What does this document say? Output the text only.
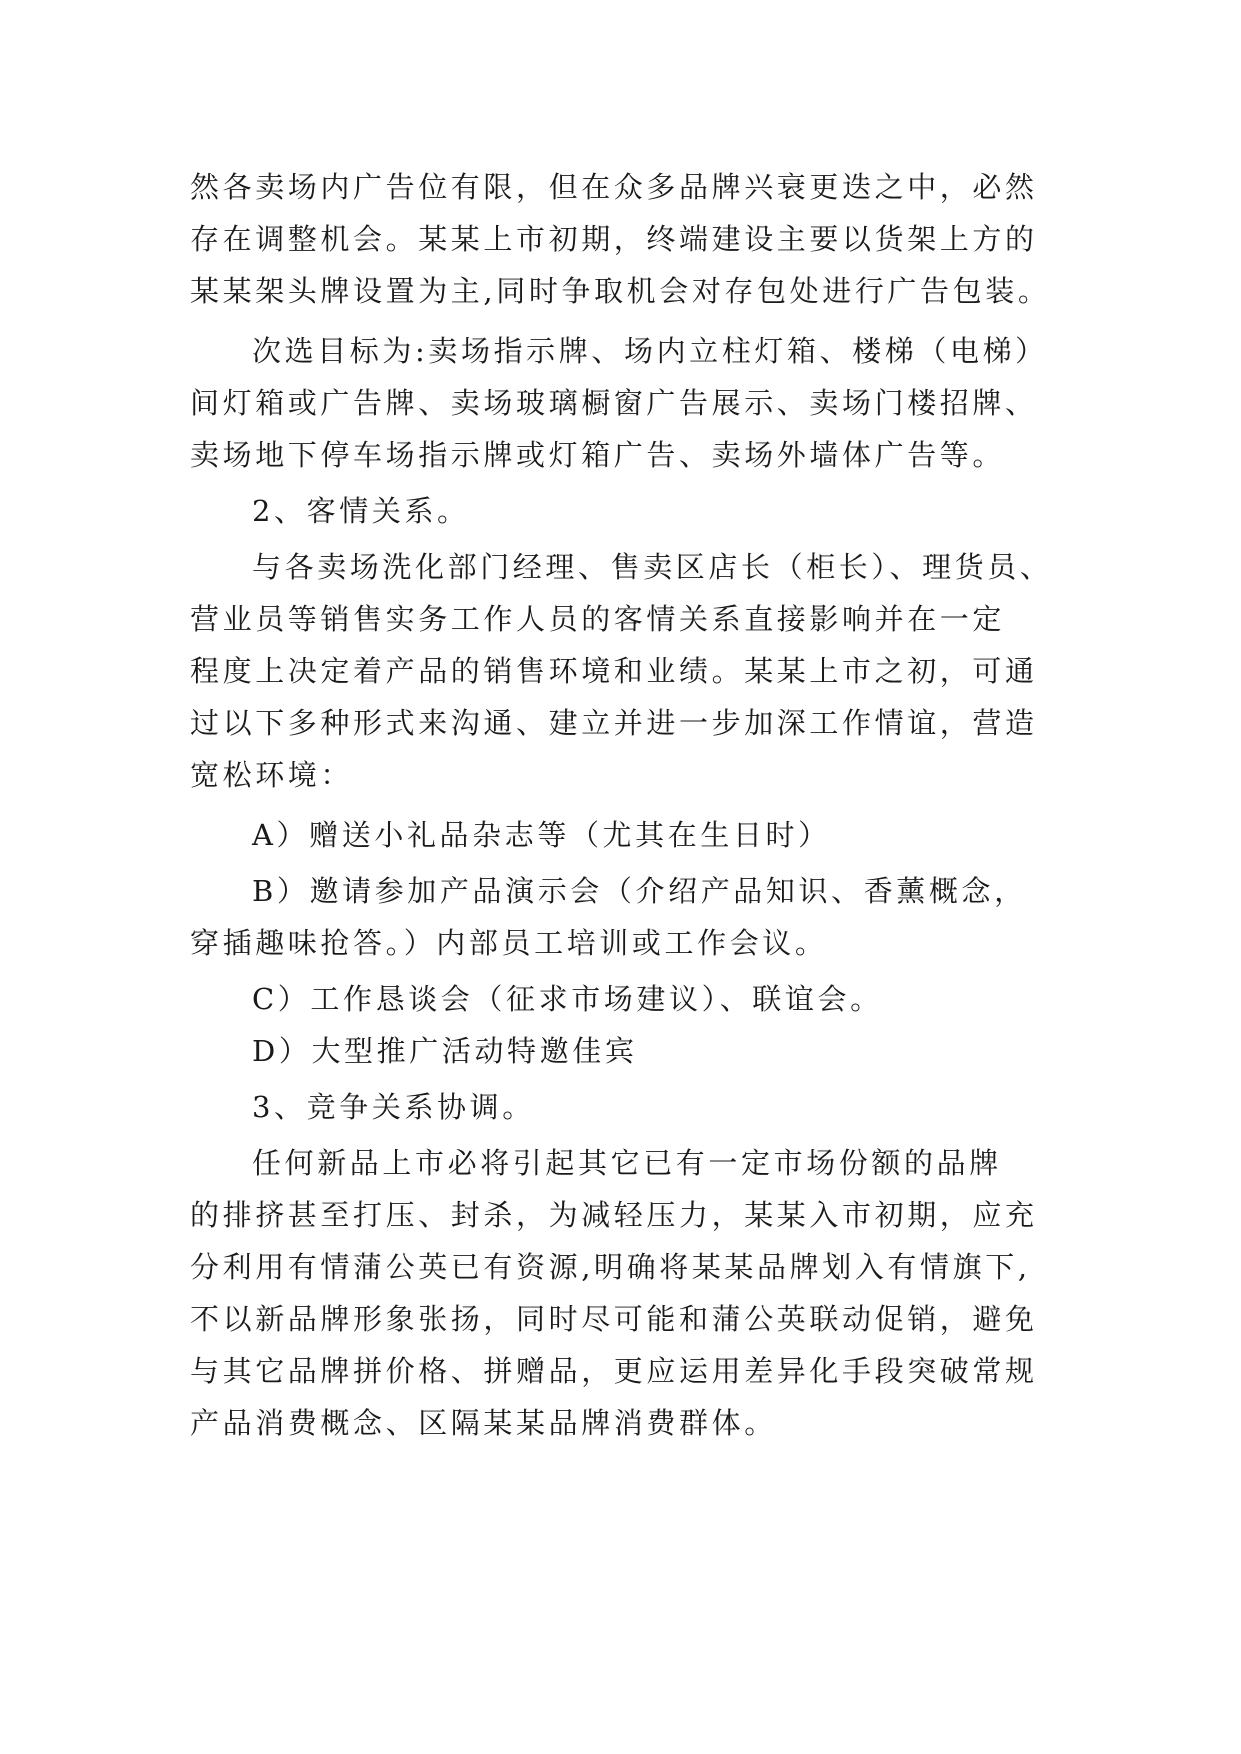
然各卖场内广告位有限，但在众多品牌兴衰更迭之中，必然
存在调整机会。某某上市初期，终端建设主要以货架上方的
某某架头牌设置为主,同时争取机会对存包处进行广告包装。
次选目标为:卖场指示牌、场内立柱灯箱、楼梯（电梯）
间灯箱或广告牌、卖场玻璃橱窗广告展示、卖场门楼招牌、
卖场地下停车场指示牌或灯箱广告、卖场外墙体广告等。
2、客情关系。
与各卖场洗化部门经理、售卖区店长（柜长）、理货员、
营业员等销售实务工作人员的客情关系直接影响并在一定
程度上决定着产品的销售环境和业绩。某某上市之初，可通
过以下多种形式来沟通、建立并进一步加深工作情谊，营造
宽松环境：
A）赠送小礼品杂志等（尤其在生日时）
B）邀请参加产品演示会（介绍产品知识、香薰概念，
穿插趣味抢答。）内部员工培训或工作会议。
C）工作恳谈会（征求市场建议）、联谊会。
D）大型推广活动特邀佳宾
3、竞争关系协调。
任何新品上市必将引起其它已有一定市场份额的品牌
的排挤甚至打压、封杀，为减轻压力，某某入市初期，应充
分利用有情蒲公英已有资源,明确将某某品牌划入有情旗下,
不以新品牌形象张扬，同时尽可能和蒲公英联动促销，避免
与其它品牌拼价格、拼赠品，更应运用差异化手段突破常规
产品消费概念、区隔某某品牌消费群体。
